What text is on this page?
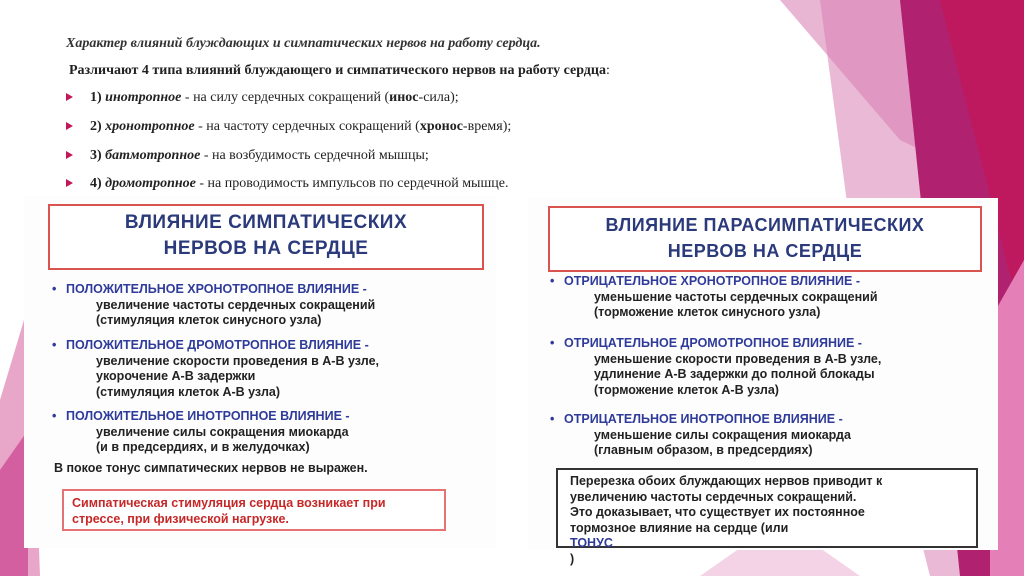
Характер влияний блуждающих и симпатических нервов на работу сердца.
Различают 4 типа влияний блуждающего и симпатического нервов на работу сердца:
1) инотропное - на силу сердечных сокращений (инос-сила);
2) хронотропное - на частоту сердечных сокращений (хронос-время);
3) батмотропное - на возбудимость сердечной мышцы;
4) дромотропное - на проводимость импульсов по сердечной мышце.
ВЛИЯНИЕ СИМПАТИЧЕСКИХ
НЕРВОВ НА СЕРДЦЕ
• ПОЛОЖИТЕЛЬНОЕ ХРОНОТРОПНОЕ ВЛИЯНИЕ -
увеличение частоты сердечных сокращений
(стимуляция клеток синусного узла)
• ПОЛОЖИТЕЛЬНОЕ ДРОМОТРОПНОЕ ВЛИЯНИЕ -
увеличение скорости проведения в А-В узле,
укорочение А-В задержки
(стимуляция клеток А-В узла)
• ПОЛОЖИТЕЛЬНОЕ ИНОТРОПНОЕ ВЛИЯНИЕ -
увеличение силы сокращения миокарда
(и в предсердиях, и в желудочках)
В покое тонус симпатических нервов не выражен.
Симпатическая стимуляция сердца возникает при
стрессе, при физической нагрузке.
ВЛИЯНИЕ ПАРАСИМПАТИЧЕСКИХ
НЕРВОВ НА СЕРДЦЕ
• ОТРИЦАТЕЛЬНОЕ ХРОНОТРОПНОЕ ВЛИЯНИЕ -
уменьшение частоты сердечных сокращений
(торможение клеток синусного узла)
• ОТРИЦАТЕЛЬНОЕ ДРОМОТРОПНОЕ ВЛИЯНИЕ -
уменьшение скорости проведения в А-В узле,
удлинение А-В задержки до полной блокады
(торможение клеток А-В узла)
• ОТРИЦАТЕЛЬНОЕ ИНОТРОПНОЕ ВЛИЯНИЕ -
уменьшение силы сокращения миокарда
(главным образом, в предсердиях)
Перерезка обоих блуждающих нервов приводит к
увеличению частоты сердечных сокращений.
Это доказывает, что существует их постоянное
тормозное влияние на сердце (или
ТОНУС
)
